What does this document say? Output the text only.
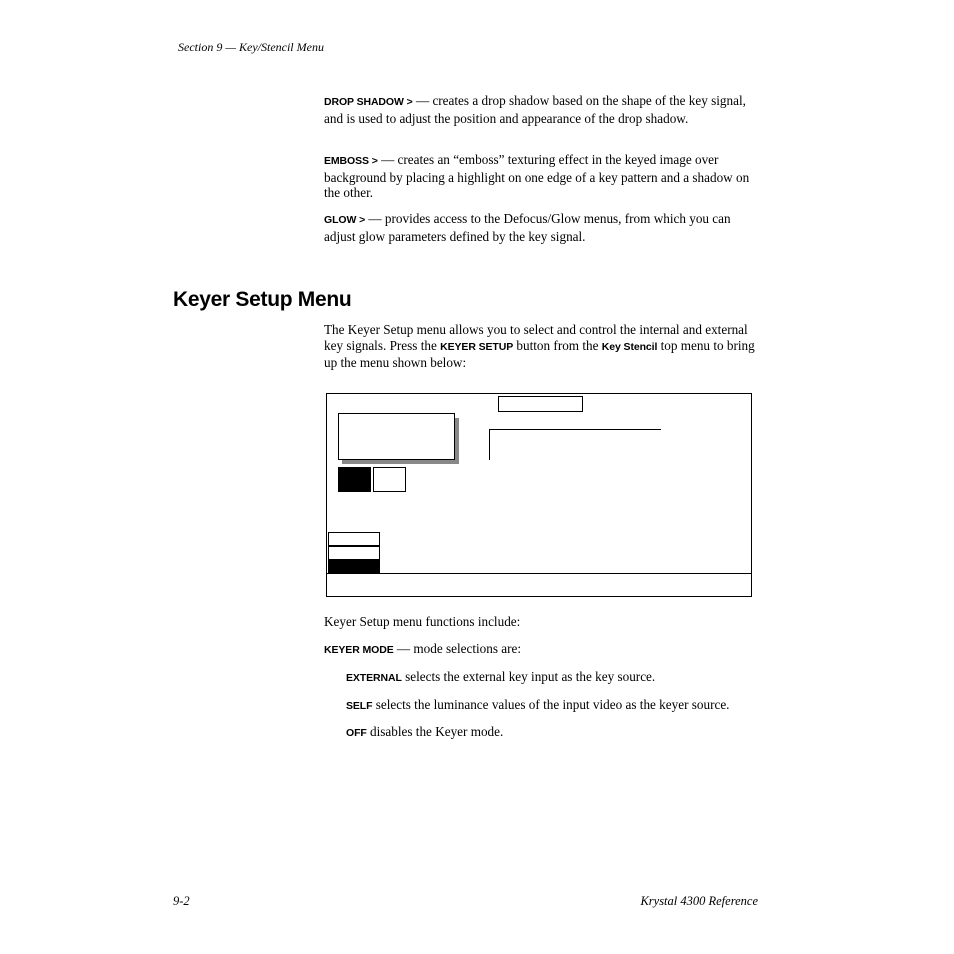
Section 9 — Key/Stencil Menu
DROP SHADOW > — creates a drop shadow based on the shape of the key signal, and is used to adjust the position and appearance of the drop shadow.
EMBOSS > — creates an “emboss” texturing effect in the keyed image over background by placing a highlight on one edge of a key pattern and a shadow on the other.
GLOW > — provides access to the Defocus/Glow menus, from which you can adjust glow parameters defined by the key signal.
Keyer Setup Menu
The Keyer Setup menu allows you to select and control the internal and external key signals. Press the KEYER SETUP button from the Key Stencil top menu to bring up the menu shown below:
Keyer Setup menu functions include:
KEYER MODE — mode selections are:
EXTERNAL selects the external key input as the key source.
SELF selects the luminance values of the input video as the keyer source.
OFF disables the Keyer mode.
9-2	Krystal 4300 Reference
